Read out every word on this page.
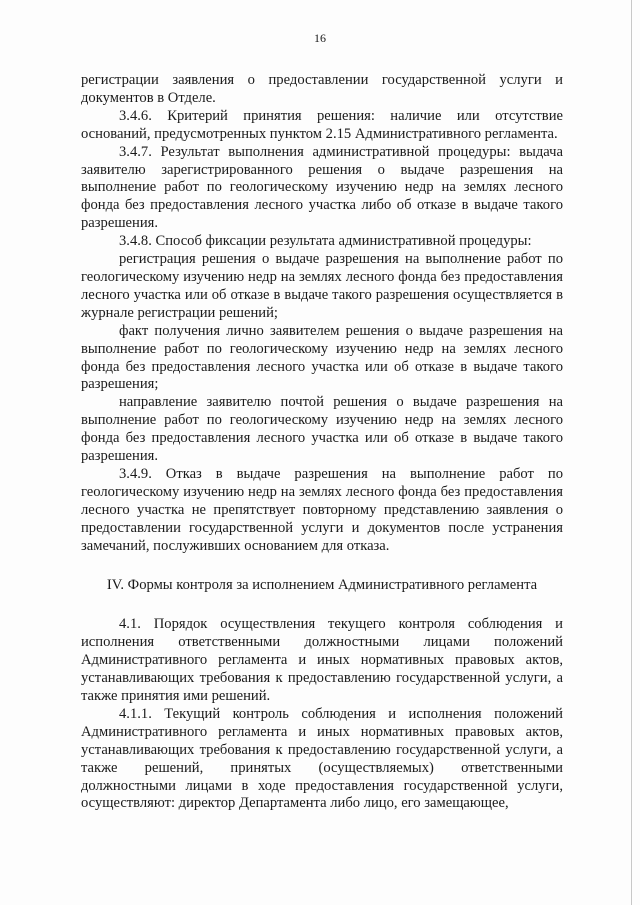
16

регистрации заявления о предоставлении государственной услуги и документов в Отделе.

3.4.6. Критерий принятия решения: наличие или отсутствие оснований, предусмотренных пунктом 2.15 Административного регламента.

3.4.7. Результат выполнения административной процедуры: выдача заявителю зарегистрированного решения о выдаче разрешения на выполнение работ по геологическому изучению недр на землях лесного фонда без предоставления лесного участка либо об отказе в выдаче такого разрешения.

3.4.8. Способ фиксации результата административной процедуры:

регистрация решения о выдаче разрешения на выполнение работ по геологическому изучению недр на землях лесного фонда без предоставления лесного участка или об отказе в выдаче такого разрешения осуществляется в журнале регистрации решений;

факт получения лично заявителем решения о выдаче разрешения на выполнение работ по геологическому изучению недр на землях лесного фонда без предоставления лесного участка или об отказе в выдаче такого разрешения;

направление заявителю почтой решения о выдаче разрешения на выполнение работ по геологическому изучению недр на землях лесного фонда без предоставления лесного участка или об отказе в выдаче такого разрешения.

3.4.9. Отказ в выдаче разрешения на выполнение работ по геологическому изучению недр на землях лесного фонда без предоставления лесного участка не препятствует повторному представлению заявления о предоставлении государственной услуги и документов после устранения замечаний, послуживших основанием для отказа.

IV. Формы контроля за исполнением Административного регламента

4.1. Порядок осуществления текущего контроля соблюдения и исполнения ответственными должностными лицами положений Административного регламента и иных нормативных правовых актов, устанавливающих требования к предоставлению государственной услуги, а также принятия ими решений.

4.1.1. Текущий контроль соблюдения и исполнения положений Административного регламента и иных нормативных правовых актов, устанавливающих требования к предоставлению государственной услуги, а также решений, принятых (осуществляемых) ответственными должностными лицами в ходе предоставления государственной услуги, осуществляют: директор Департамента либо лицо, его замещающее,
